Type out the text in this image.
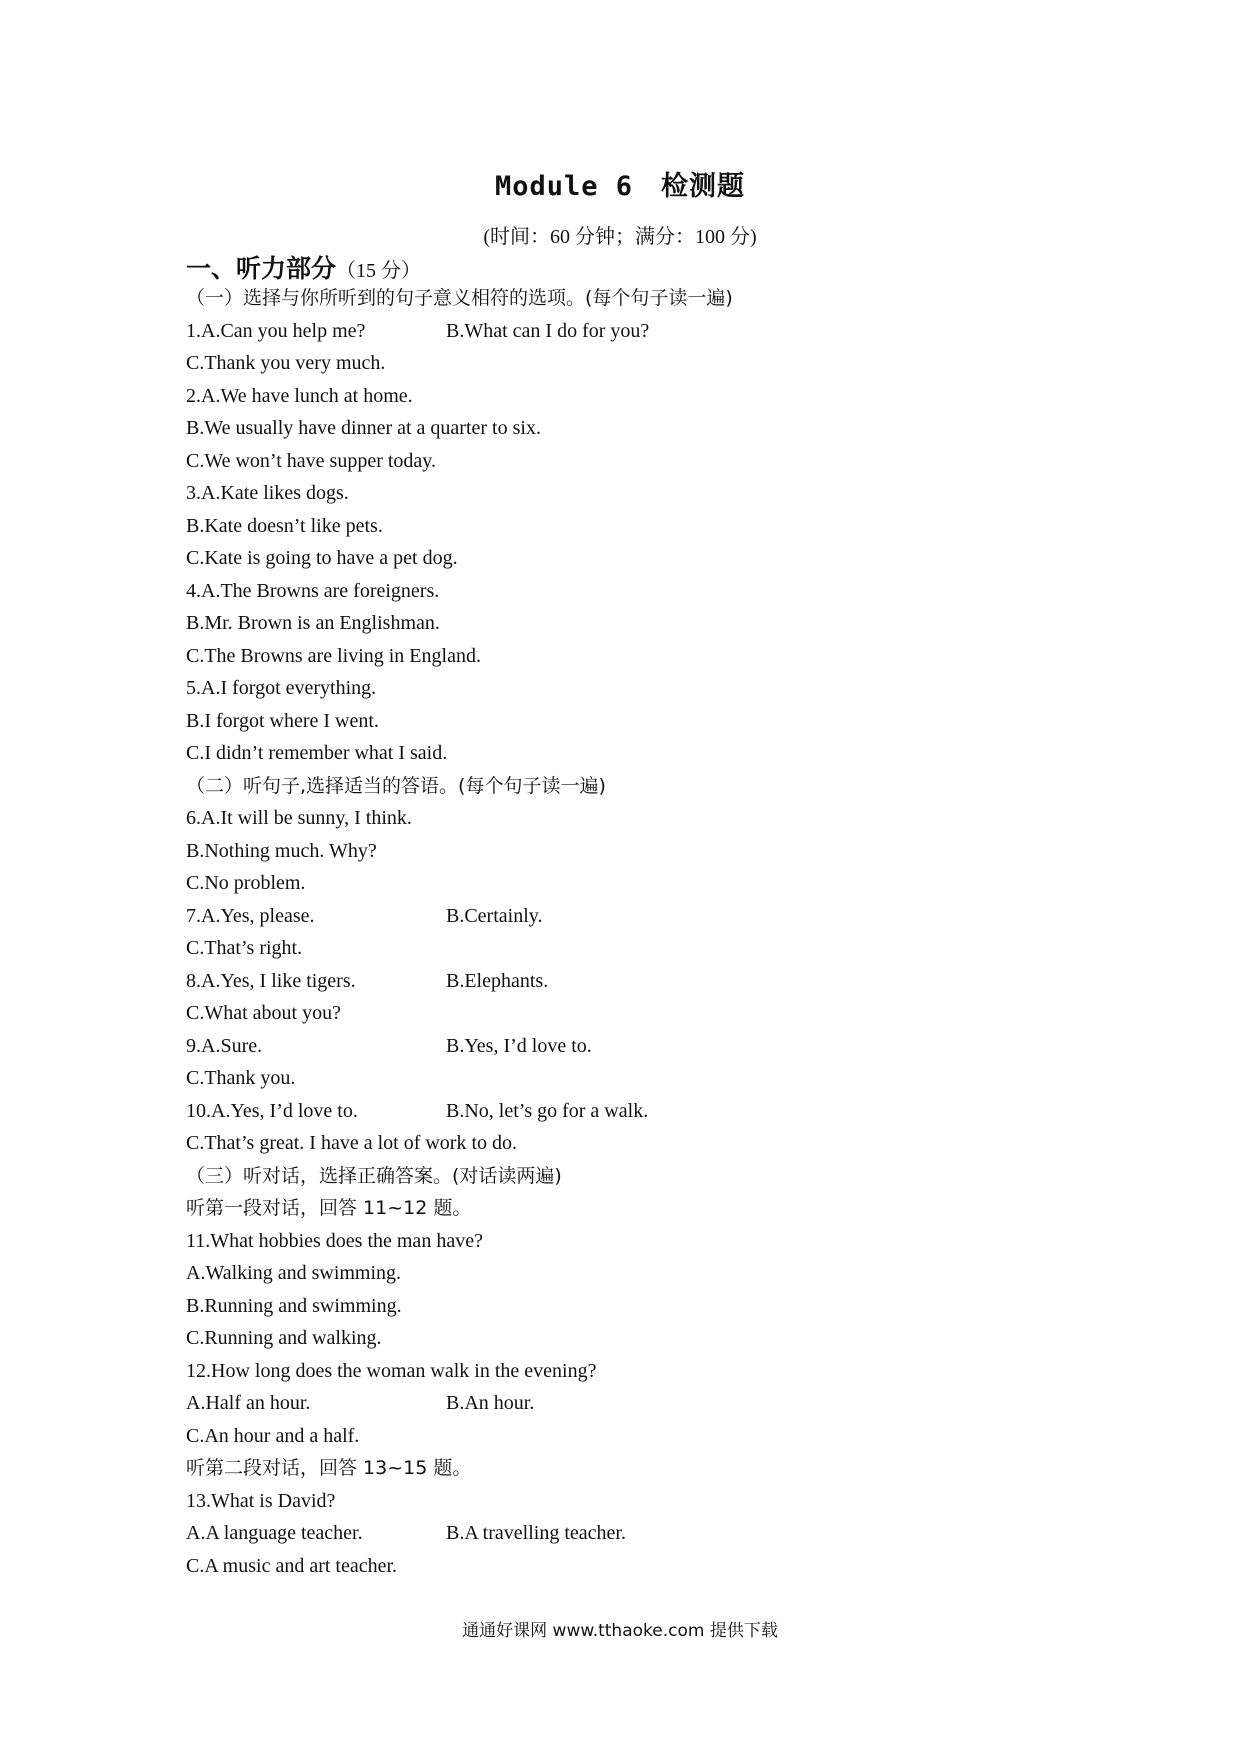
Module 6　检测题
(时间：60 分钟；满分：100 分)
一、听力部分（15 分）
（一）选择与你所听到的句子意义相符的选项。(每个句子读一遍)
1.A.Can you help me?	B.What can I do for you?
C.Thank you very much.
2.A.We have lunch at home.
B.We usually have dinner at a quarter to six.
C.We won’t have supper today.
3.A.Kate likes dogs.
B.Kate doesn’t like pets.
C.Kate is going to have a pet dog.
4.A.The Browns are foreigners.
B.Mr. Brown is an Englishman.
C.The Browns are living in England.
5.A.I forgot everything.
B.I forgot where I went.
C.I didn’t remember what I said.
（二）听句子,选择适当的答语。(每个句子读一遍)
6.A.It will be sunny, I think.
B.Nothing much. Why?
C.No problem.
7.A.Yes, please.	B.Certainly.
C.That’s right.
8.A.Yes, I like tigers.	B.Elephants.
C.What about you?
9.A.Sure.	B.Yes, I’d love to.
C.Thank you.
10.A.Yes, I’d love to.	B.No, let’s go for a walk.
C.That’s great. I have a lot of work to do.
（三）听对话，选择正确答案。(对话读两遍)
听第一段对话，回答 11~12 题。
11.What hobbies does the man have?
A.Walking and swimming.
B.Running and swimming.
C.Running and walking.
12.How long does the woman walk in the evening?
A.Half an hour.	B.An hour.
C.An hour and a half.
听第二段对话，回答 13~15 题。
13.What is David?
A.A language teacher.	B.A travelling teacher.
C.A music and art teacher.
通通好课网 www.tthaoke.com 提供下载
